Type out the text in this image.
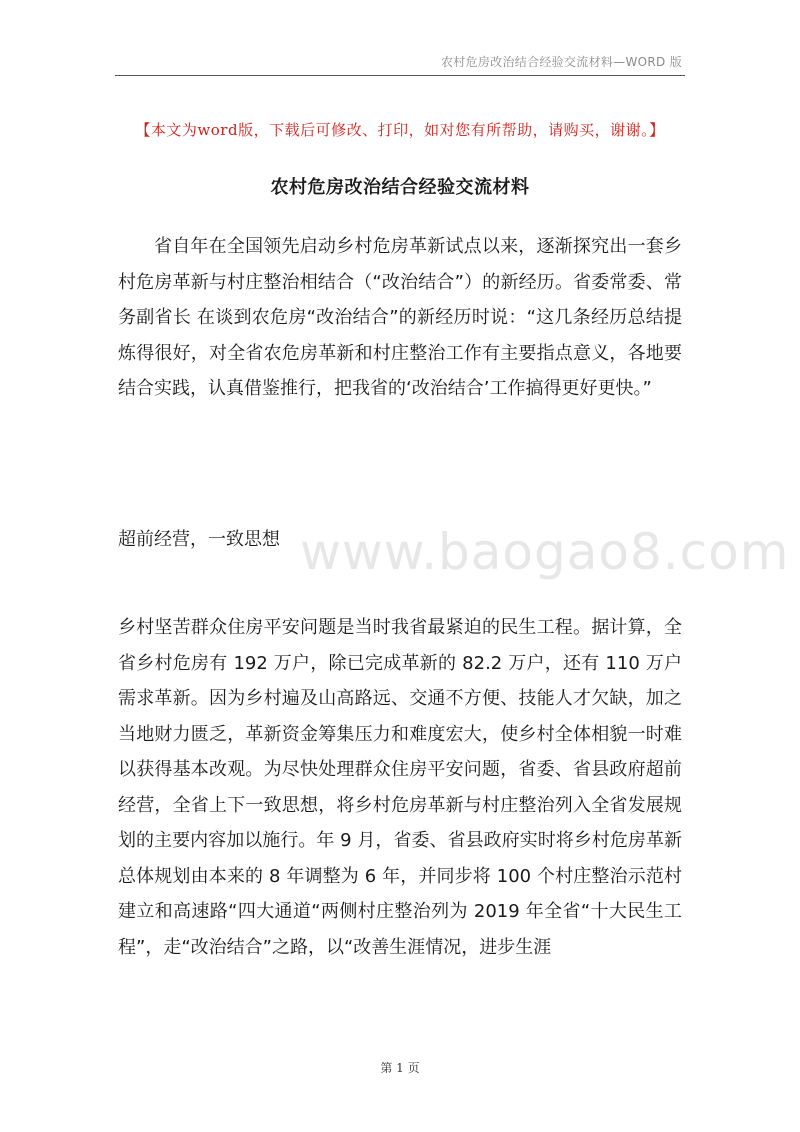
农村危房改治结合经验交流材料—WORD 版
【本文为word版，下载后可修改、打印，如对您有所帮助，请购买，谢谢。】
农村危房改治结合经验交流材料

省自年在全国领先启动乡村危房革新试点以来，逐渐探究出一套乡村危房革新与村庄整治相结合（“改治结合”）的新经历。省委常委、常务副省长 在谈到农危房“改治结合”的新经历时说：“这几条经历总结提炼得很好，对全省农危房革新和村庄整治工作有主要指点意义，各地要结合实践，认真借鉴推行，把我省的‘改治结合’工作搞得更好更快。”

超前经营，一致思想 www.baogao8.com

乡村坚苦群众住房平安问题是当时我省最紧迫的民生工程。据计算，全省乡村危房有 192 万户，除已完成革新的 82.2 万户，还有 110 万户需求革新。因为乡村遍及山高路远、交通不方便、技能人才欠缺，加之当地财力匮乏，革新资金筹集压力和难度宏大，使乡村全体相貌一时难以获得基本改观。为尽快处理群众住房平安问题，省委、省县政府超前经营，全省上下一致思想，将乡村危房革新与村庄整治列入全省发展规划的主要内容加以施行。年 9 月，省委、省县政府实时将乡村危房革新总体规划由本来的 8 年调整为 6 年，并同步将 100 个村庄整治示范村建立和高速路“四大通道“两侧村庄整治列为 2019 年全省“十大民生工程”，走“改治结合”之路，以“改善生涯情况，进步生涯

第 1 页
